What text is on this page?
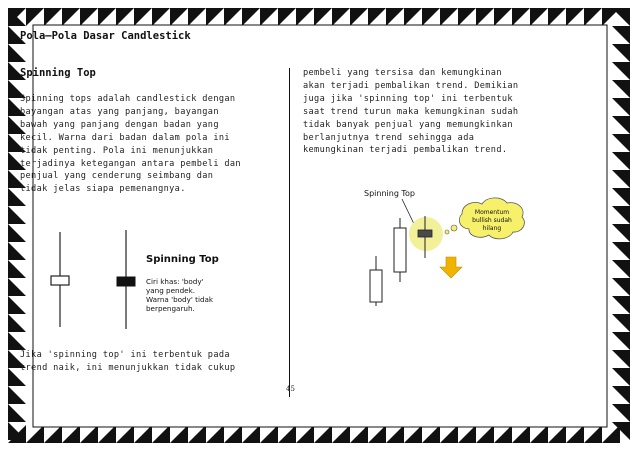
Pola–Pola Dasar Candlestick
Spinning Top
Spinning tops adalah candlestick dengan
bayangan atas yang panjang, bayangan
bawah yang panjang dengan badan yang
kecil. Warna dari badan dalam pola ini
tidak penting. Pola ini menunjukkan
terjadinya ketegangan antara pembeli dan
penjual yang cenderung seimbang dan
tidak jelas siapa pemenangnya.
Spinning Top
Ciri khas: 'body'
yang pendek.
Warna 'body' tidak
berpengaruh.
Jika 'spinning top' ini terbentuk pada
trend naik, ini menunjukkan tidak cukup
pembeli yang tersisa dan kemungkinan
akan terjadi pembalikan trend. Demikian
juga jika 'spinning top' ini terbentuk
saat trend turun maka kemungkinan sudah
tidak banyak penjual yang memungkinkan
berlanjutnya trend sehingga ada
kemungkinan terjadi pembalikan trend.
Spinning Top
Momentum
bullish sudah
hilang
45
